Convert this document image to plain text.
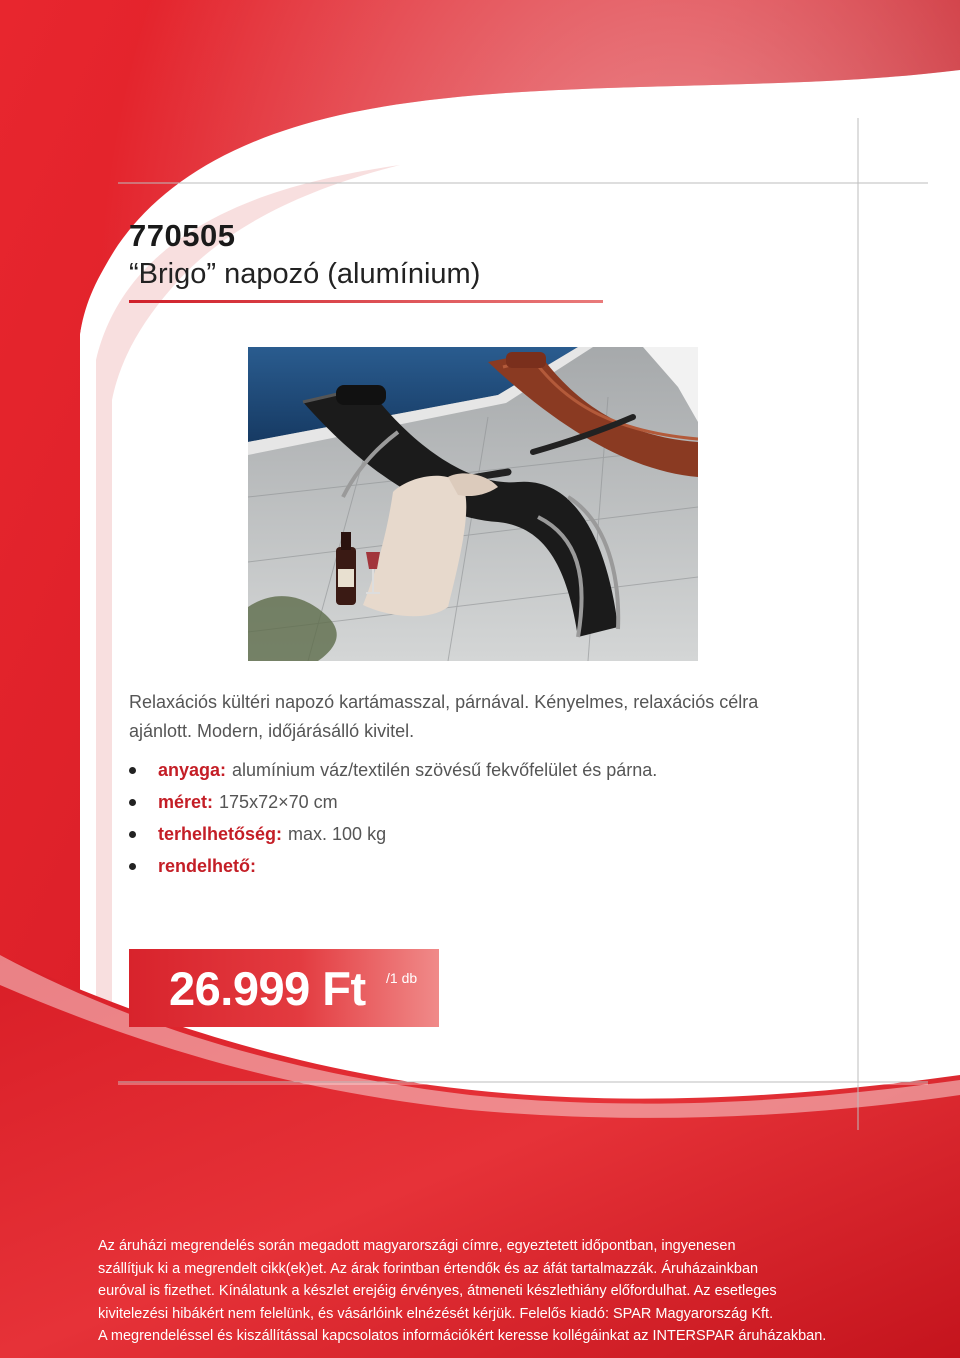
770505
“Brigo” napozó (alumínium)
Relaxációs kültéri napozó kartámasszal, párnával. Kényelmes, relaxációs célra
ajánlott. Modern, időjárásálló kivitel.
anyaga: alumínium váz/textilén szövésű fekvőfelület és párna.
méret: 175x72×70 cm
terhelhetőség: max. 100 kg
rendelhető:
26.999 Ft /1 db

Az áruházi megrendelés során megadott magyarországi címre, egyeztetett időpontban, ingyenesen

szállítjuk ki a megrendelt cikk(ek)et. Az árak forintban értendők és az áfát tartalmazzák. Áruházainkban

euróval is fizethet. Kínálatunk a készlet erejéig érvényes, átmeneti készlethiány előfordulhat. Az esetleges

kivitelezési hibákért nem felelünk, és vásárlóink elnézését kérjük. Felelős kiadó: SPAR Magyarország Kft.

A megrendeléssel és kiszállítással kapcsolatos információkért keresse kollégáinkat az INTERSPAR áruházakban.
